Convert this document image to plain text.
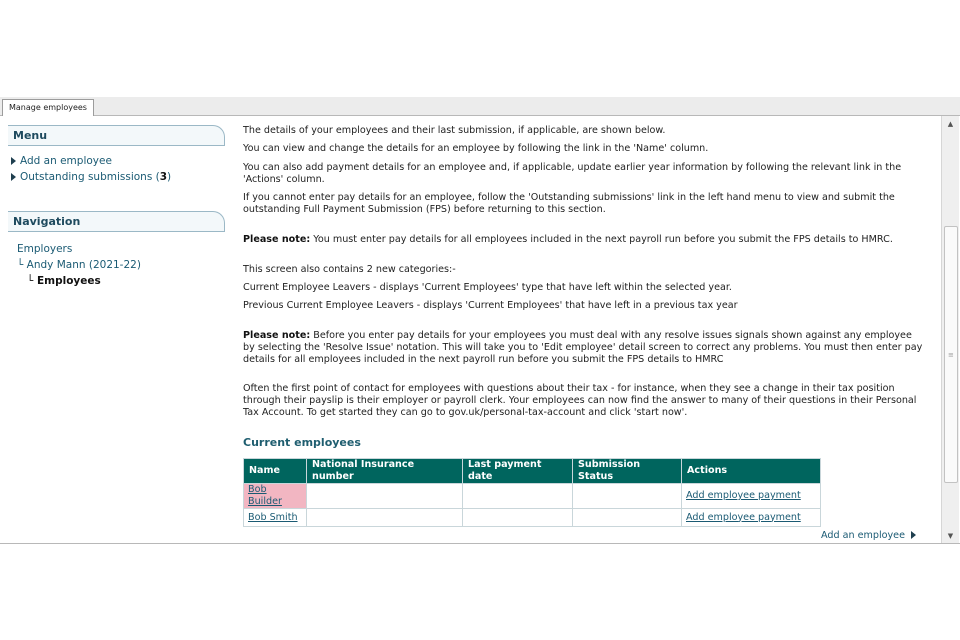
Manage employees
Menu
Add an employee
Outstanding submissions (3)
Navigation
Employers
└ Andy Mann (2021-22)
└ Employees

The details of your employees and their last submission, if applicable, are shown below.

You can view and change the details for an employee by following the link in the 'Name' column.

You can also add payment details for an employee and, if applicable, update earlier year information by following the relevant link in the 'Actions' column.

If you cannot enter pay details for an employee, follow the 'Outstanding submissions' link in the left hand menu to view and submit the outstanding Full Payment Submission (FPS) before returning to this section.

Please note: You must enter pay details for all employees included in the next payroll run before you submit the FPS details to HMRC.

This screen also contains 2 new categories:-

Current Employee Leavers - displays 'Current Employees' type that have left within the selected year.

Previous Current Employee Leavers - displays 'Current Employees' that have left in a previous tax year

Please note: Before you enter pay details for your employees you must deal with any resolve issues signals shown against any employee by selecting the 'Resolve Issue' notation. This will take you to 'Edit employee' detail screen to correct any problems. You must then enter pay details for all employees included in the next payroll run before you submit the FPS details to HMRC

Often the first point of contact for employees with questions about their tax - for instance, when they see a change in their tax position through their payslip is their employer or payroll clerk. Your employees can now find the answer to many of their questions in their Personal Tax Account. To get started they can go to gov.uk/personal-tax-account and click 'start now'.

Current employees
Name	National Insurance number	Last payment date	Submission Status	Actions
Bob Builder				Add employee payment
Bob Smith				Add employee payment
Add an employee
▲
≡
▼
